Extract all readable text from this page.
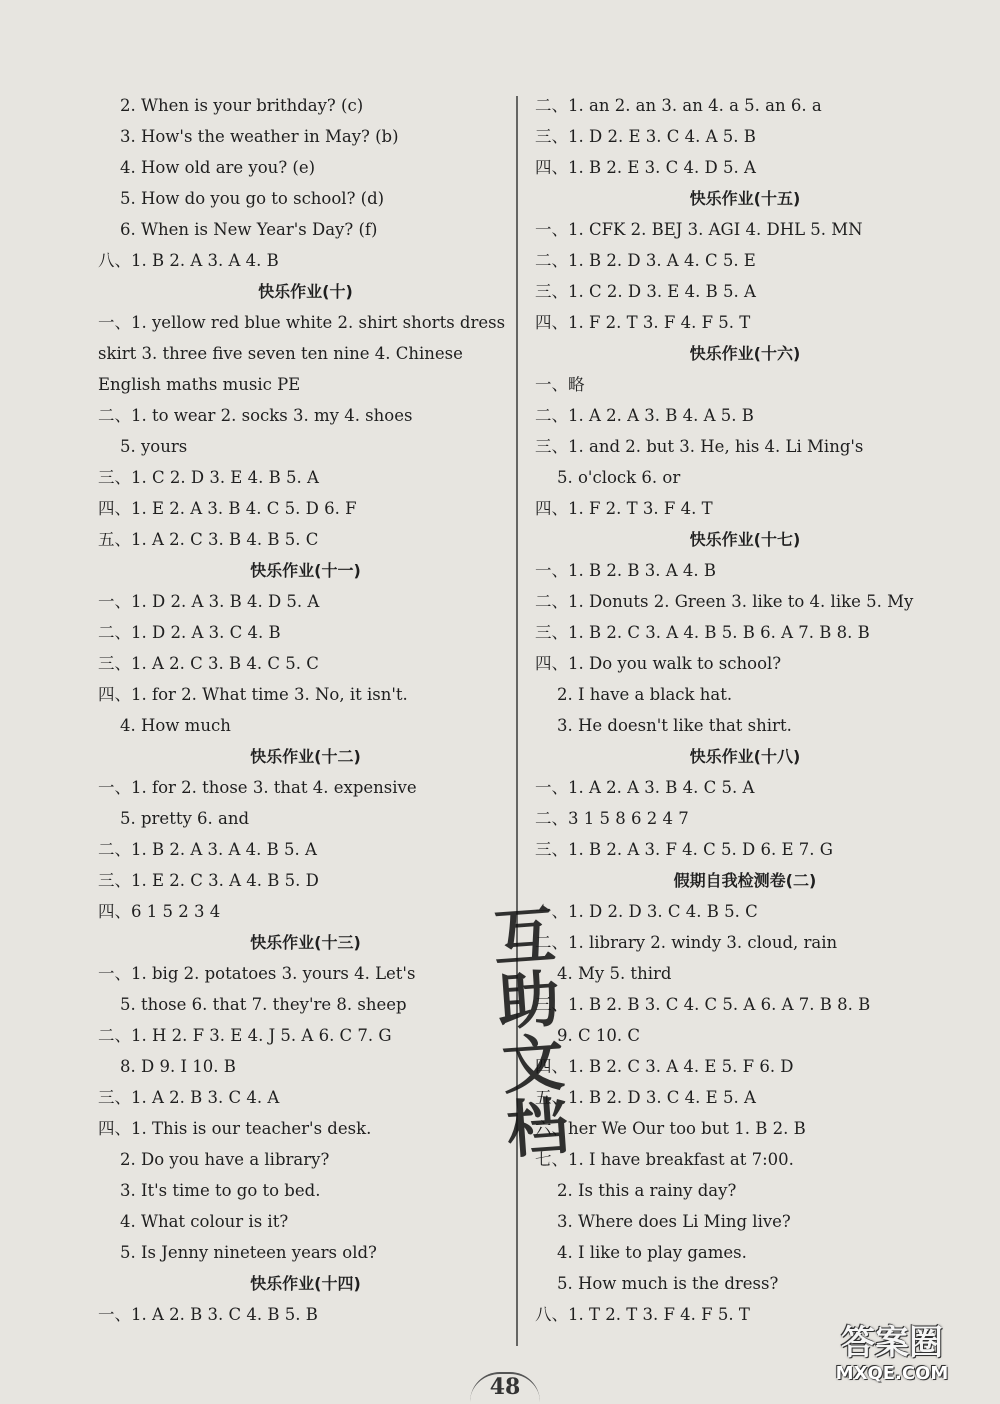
2. When is your brithday? (c)
3. How's the weather in May? (b)
4. How old are you? (e)
5. How do you go to school? (d)
6. When is New Year's Day? (f)
八、1. B 2. A 3. A 4. B
快乐作业(十)
一、1. yellow red blue white 2. shirt shorts dress
skirt 3. three five seven ten nine 4. Chinese
English maths music PE
二、1. to wear 2. socks 3. my 4. shoes
5. yours
三、1. C 2. D 3. E 4. B 5. A
四、1. E 2. A 3. B 4. C 5. D 6. F
五、1. A 2. C 3. B 4. B 5. C
快乐作业(十一)
一、1. D 2. A 3. B 4. D 5. A
二、1. D 2. A 3. C 4. B
三、1. A 2. C 3. B 4. C 5. C
四、1. for 2. What time 3. No, it isn't.
4. How much
快乐作业(十二)
一、1. for 2. those 3. that 4. expensive
5. pretty 6. and
二、1. B 2. A 3. A 4. B 5. A
三、1. E 2. C 3. A 4. B 5. D
四、6 1 5 2 3 4
快乐作业(十三)
一、1. big 2. potatoes 3. yours 4. Let's
5. those 6. that 7. they're 8. sheep
二、1. H 2. F 3. E 4. J 5. A 6. C 7. G
8. D 9. I 10. B
三、1. A 2. B 3. C 4. A
四、1. This is our teacher's desk.
2. Do you have a library?
3. It's time to go to bed.
4. What colour is it?
5. Is Jenny nineteen years old?
快乐作业(十四)
一、1. A 2. B 3. C 4. B 5. B
二、1. an 2. an 3. an 4. a 5. an 6. a
三、1. D 2. E 3. C 4. A 5. B
四、1. B 2. E 3. C 4. D 5. A
快乐作业(十五)
一、1. CFK 2. BEJ 3. AGI 4. DHL 5. MN
二、1. B 2. D 3. A 4. C 5. E
三、1. C 2. D 3. E 4. B 5. A
四、1. F 2. T 3. F 4. F 5. T
快乐作业(十六)
一、略
二、1. A 2. A 3. B 4. A 5. B
三、1. and 2. but 3. He, his 4. Li Ming's
5. o'clock 6. or
四、1. F 2. T 3. F 4. T
快乐作业(十七)
一、1. B 2. B 3. A 4. B
二、1. Donuts 2. Green 3. like to 4. like 5. My
三、1. B 2. C 3. A 4. B 5. B 6. A 7. B 8. B
四、1. Do you walk to school?
2. I have a black hat.
3. He doesn't like that shirt.
快乐作业(十八)
一、1. A 2. A 3. B 4. C 5. A
二、3 1 5 8 6 2 4 7
三、1. B 2. A 3. F 4. C 5. D 6. E 7. G
假期自我检测卷(二)
一、1. D 2. D 3. C 4. B 5. C
二、1. library 2. windy 3. cloud, rain
4. My 5. third
三、1. B 2. B 3. C 4. C 5. A 6. A 7. B 8. B
9. C 10. C
四、1. B 2. C 3. A 4. E 5. F 6. D
五、1. B 2. D 3. C 4. E 5. A
六、her We Our too but 1. B 2. B
七、1. I have breakfast at 7:00.
2. Is this a rainy day?
3. Where does Li Ming live?
4. I like to play games.
5. How much is the dress?
八、1. T 2. T 3. F 4. F 5. T
互
助
文
档
48
答案圈
MXQE.COM
